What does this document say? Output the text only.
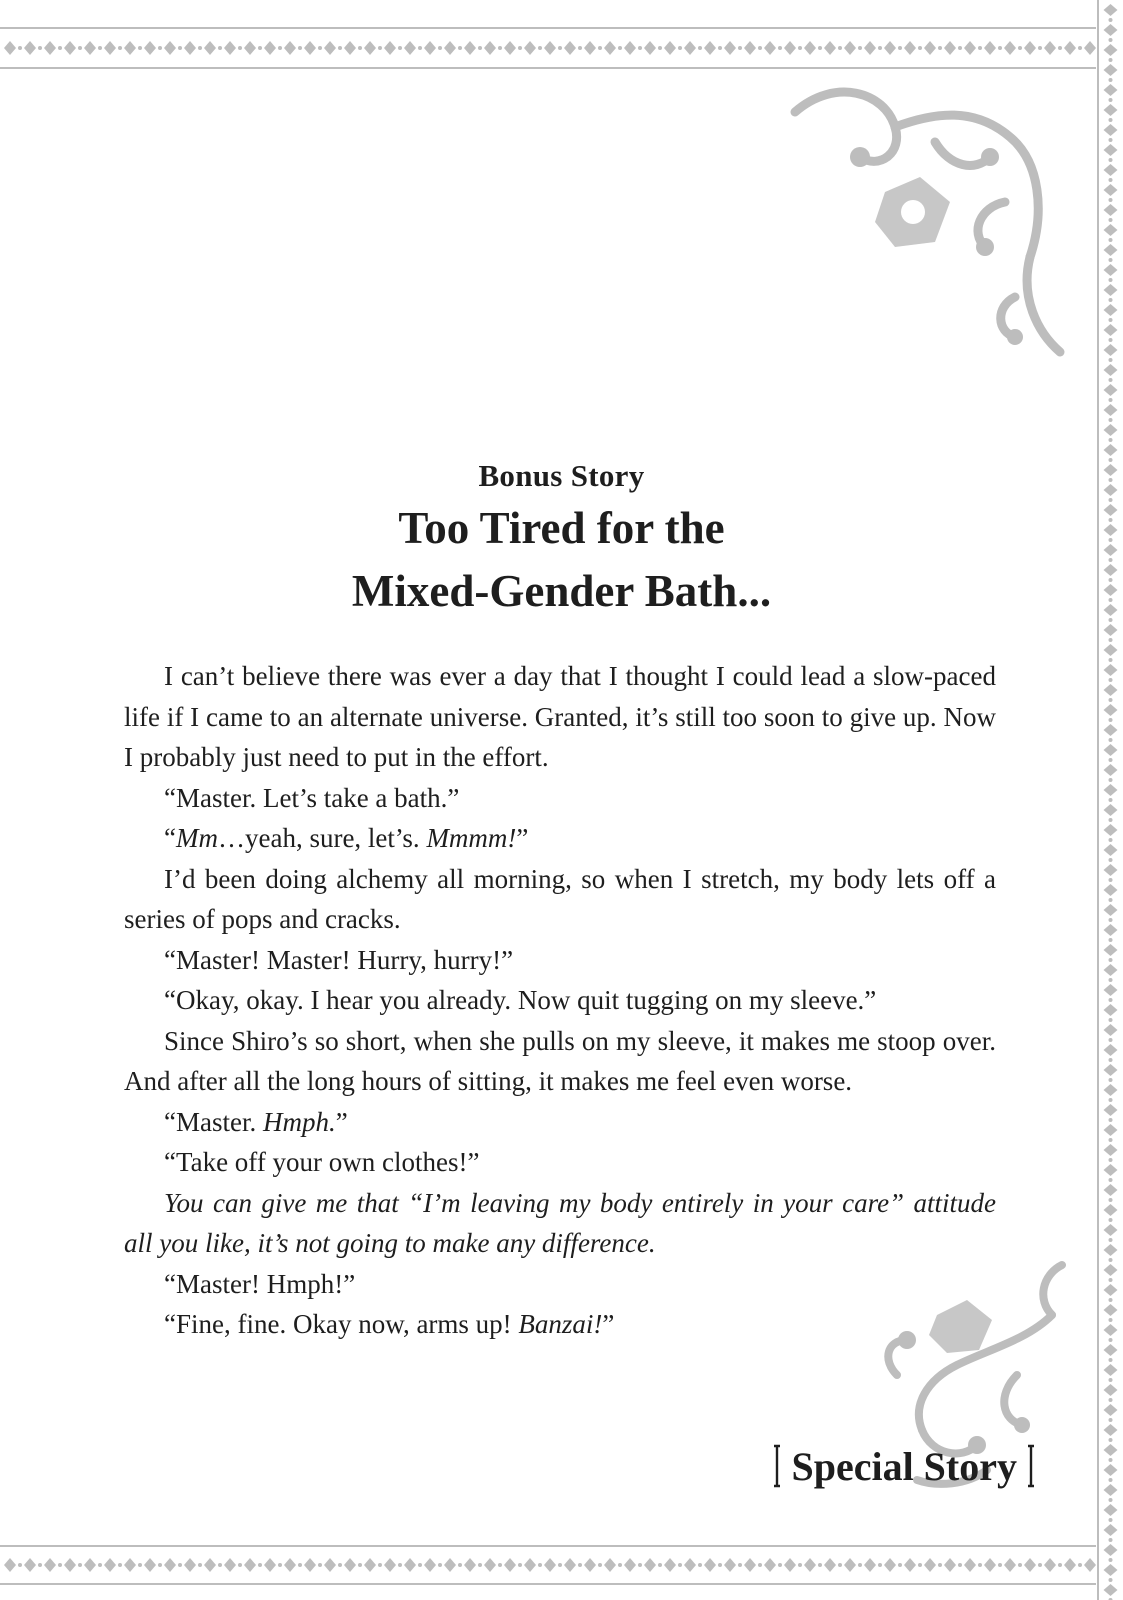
Bonus Story
Too Tired for the
Mixed-Gender Bath...

I can’t believe there was ever a day that I thought I could lead a slow-paced life if I came to an alternate universe. Granted, it’s still too soon to give up. Now I probably just need to put in the effort.

“Master. Let’s take a bath.”

“Mm…yeah, sure, let’s. Mmmm!”

I’d been doing alchemy all morning, so when I stretch, my body lets off a series of pops and cracks.

“Master! Master! Hurry, hurry!”

“Okay, okay. I hear you already. Now quit tugging on my sleeve.”

Since Shiro’s so short, when she pulls on my sleeve, it makes me stoop over. And after all the long hours of sitting, it makes me feel even worse.

“Master. Hmph.”

“Take off your own clothes!”

You can give me that “I’m leaving my body entirely in your care” attitude all you like, it’s not going to make any difference.

“Master! Hmph!”

“Fine, fine. Okay now, arms up! Banzai!”

Special Story
